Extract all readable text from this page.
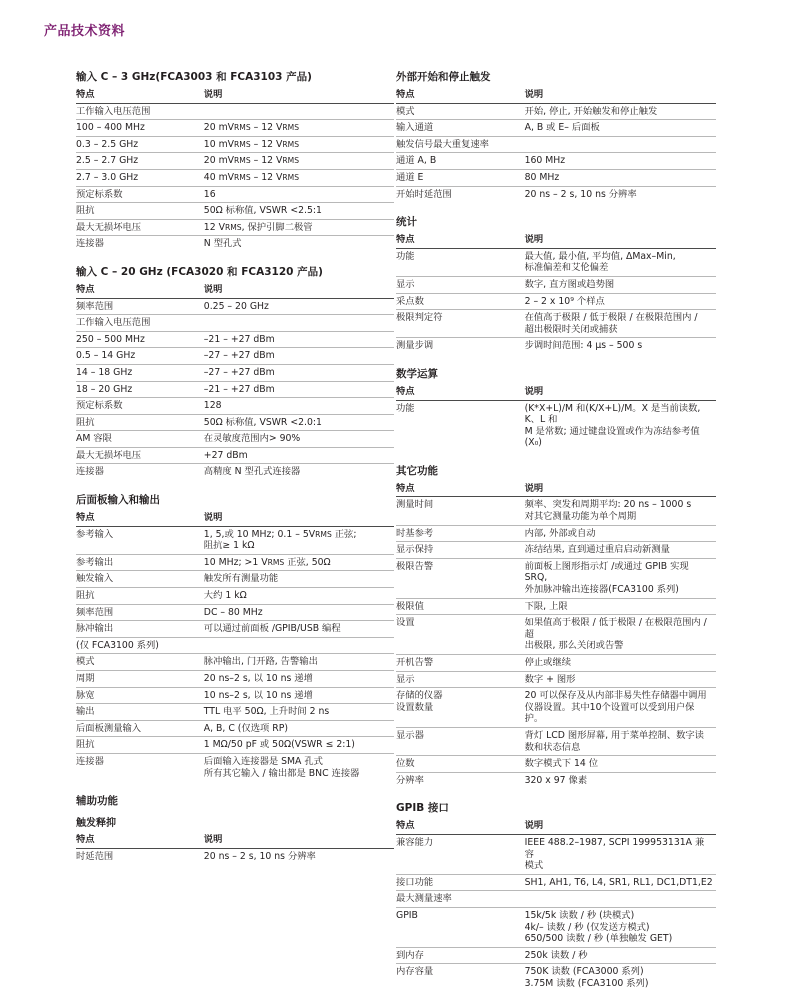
产品技术资料
输入 C – 3 GHz(FCA3003 和 FCA3103 产品)
特点	说明
工作输入电压范围	
100 – 400 MHz	20 mVRMS – 12 VRMS
0.3 – 2.5 GHz	10 mVRMS – 12 VRMS
2.5 – 2.7 GHz	20 mVRMS – 12 VRMS
2.7 – 3.0 GHz	40 mVRMS – 12 VRMS
预定标系数	16
阻抗	50Ω 标称值, VSWR <2.5:1
最大无损坏电压	12 VRMS, 保护引脚二极管
连接器	N 型孔式
输入 C – 20 GHz (FCA3020 和 FCA3120 产品)
特点	说明
频率范围	0.25 – 20 GHz
工作输入电压范围	
250 – 500 MHz	–21 – +27 dBm
0.5 – 14 GHz	–27 – +27 dBm
14 – 18 GHz	–27 – +27 dBm
18 – 20 GHz	–21 – +27 dBm
预定标系数	128
阻抗	50Ω 标称值, VSWR <2.0:1
AM 容限	在灵敏度范围内> 90%
最大无损坏电压	+27 dBm
连接器	高精度 N 型孔式连接器
后面板输入和输出
特点	说明
参考输入	1, 5,或 10 MHz; 0.1 – 5VRMS 正弦;
阻抗≥ 1 kΩ
参考输出	10 MHz; >1 VRMS 正弦, 50Ω
触发输入	触发所有测量功能
阻抗	大约 1 kΩ
频率范围	DC – 80 MHz
脉冲输出	可以通过前面板 /GPIB/USB 编程
(仅 FCA3100 系列)	
模式	脉冲输出, 门开路, 告警输出
周期	20 ns–2 s, 以 10 ns 递增
脉宽	10 ns–2 s, 以 10 ns 递增
输出	TTL 电平 50Ω, 上升时间 2 ns
后面板测量输入	A, B, C (仅选项 RP)
阻抗	1 MΩ/50 pF 或 50Ω(VSWR ≤ 2:1)
连接器	后面输入连接器是 SMA 孔式
所有其它输入 / 输出都是 BNC 连接器
辅助功能
触发释抑
特点	说明
时延范围	20 ns – 2 s, 10 ns 分辨率
外部开始和停止触发
特点	说明
模式	开始, 停止, 开始触发和停止触发
输入通道	A, B 或 E– 后面板
触发信号最大重复速率	
通道 A, B	160 MHz
通道 E	80 MHz
开始时延范围	20 ns – 2 s, 10 ns 分辨率
统计
特点	说明
功能	最大值, 最小值, 平均值, ΔMax–Min,
标准偏差和艾伦偏差
显示	数字, 直方图或趋势图
采点数	2 – 2 x 10⁹ 个样点
极限判定符	在值高于极限 / 低于极限 / 在极限范围内 /
超出极限时关闭或捕获
测量步调	步调时间范围: 4 µs – 500 s
数学运算
特点	说明
功能	(K*X+L)/M 和(K/X+L)/M。X 是当前读数, K、L 和
M 是常数; 通过键盘设置或作为冻结参考值(X₀)
其它功能
特点	说明
测量时间	频率、突发和周期平均: 20 ns – 1000 s
对其它测量功能为单个周期
时基参考	内部, 外部或自动
显示保持	冻结结果, 直到通过重启启动新测量
极限告警	前面板上图形指示灯 /或通过 GPIB 实现 SRQ,
外加脉冲输出连接器(FCA3100 系列)
极限值	下限, 上限
设置	如果值高于极限 / 低于极限 / 在极限范围内 / 超
出极限, 那么关闭或告警
开机告警	停止或继续
显示	数字 + 图形
存储的仪器
设置数量	20 可以保存及从内部非易失性存储器中调用
仪器设置。其中10个设置可以受到用户保护。
显示器	背灯 LCD 图形屏幕, 用于菜单控制、数字读
数和状态信息
位数	数字模式下 14 位
分辨率	320 x 97 像素
GPIB 接口
特点	说明
兼容能力	IEEE 488.2–1987, SCPI 199953131A 兼容
模式
接口功能	SH1, AH1, T6, L4, SR1, RL1, DC1,DT1,E2
最大测量速率	
GPIB	15k/5k 读数 / 秒 (块模式)
4k/– 读数 / 秒 (仅发送方模式)
650/500 读数 / 秒 (单独触发 GET)
到内存	250k 读数 / 秒
内存容量	750K 读数 (FCA3000 系列)
3.75M 读数 (FCA3100 系列)
